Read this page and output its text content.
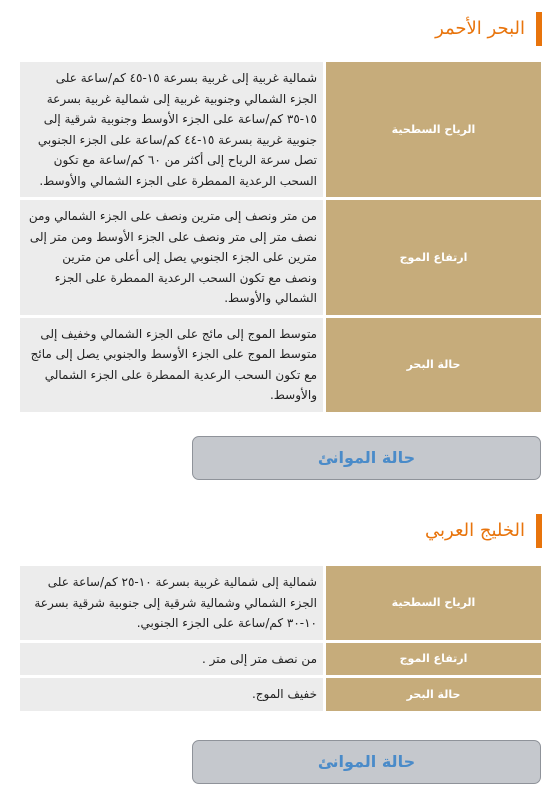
البحر الأحمر
الرياح السطحية	شمالية غربية إلى غربية بسرعة ١٥-٤٥ كم/ساعة على الجزء الشمالي وجنوبية غربية إلى شمالية غربية بسرعة ١٥-٣٥ كم/ساعة على الجزء الأوسط وجنوبية شرقية إلى جنوبية غربية بسرعة ١٥-٤٤ كم/ساعة على الجزء الجنوبي تصل سرعة الرياح إلى أكثر من ٦٠ كم/ساعة مع تكون السحب الرعدية الممطرة على الجزء الشمالي والأوسط.
ارتفاع الموج	من متر ونصف إلى مترين ونصف على الجزء الشمالي ومن نصف متر إلى متر ونصف على الجزء الأوسط ومن متر إلى مترين على الجزء الجنوبي يصل إلى أعلى من مترين ونصف مع تكون السحب الرعدية الممطرة على الجزء الشمالي والأوسط.
حالة البحر	متوسط الموج إلى مائج على الجزء الشمالي وخفيف إلى متوسط الموج على الجزء الأوسط والجنوبي يصل إلى مائج مع تكون السحب الرعدية الممطرة على الجزء الشمالي والأوسط.
حالة الموانئ
الخليج العربي
الرياح السطحية	شمالية إلى شمالية غربية بسرعة ١٠-٢٥ كم/ساعة على الجزء الشمالي وشمالية شرقية إلى جنوبية شرقية بسرعة ١٠-٣٠ كم/ساعة على الجزء الجنوبي.
ارتفاع الموج	من نصف متر إلى متر .
حالة البحر	خفيف الموج.
حالة الموانئ
